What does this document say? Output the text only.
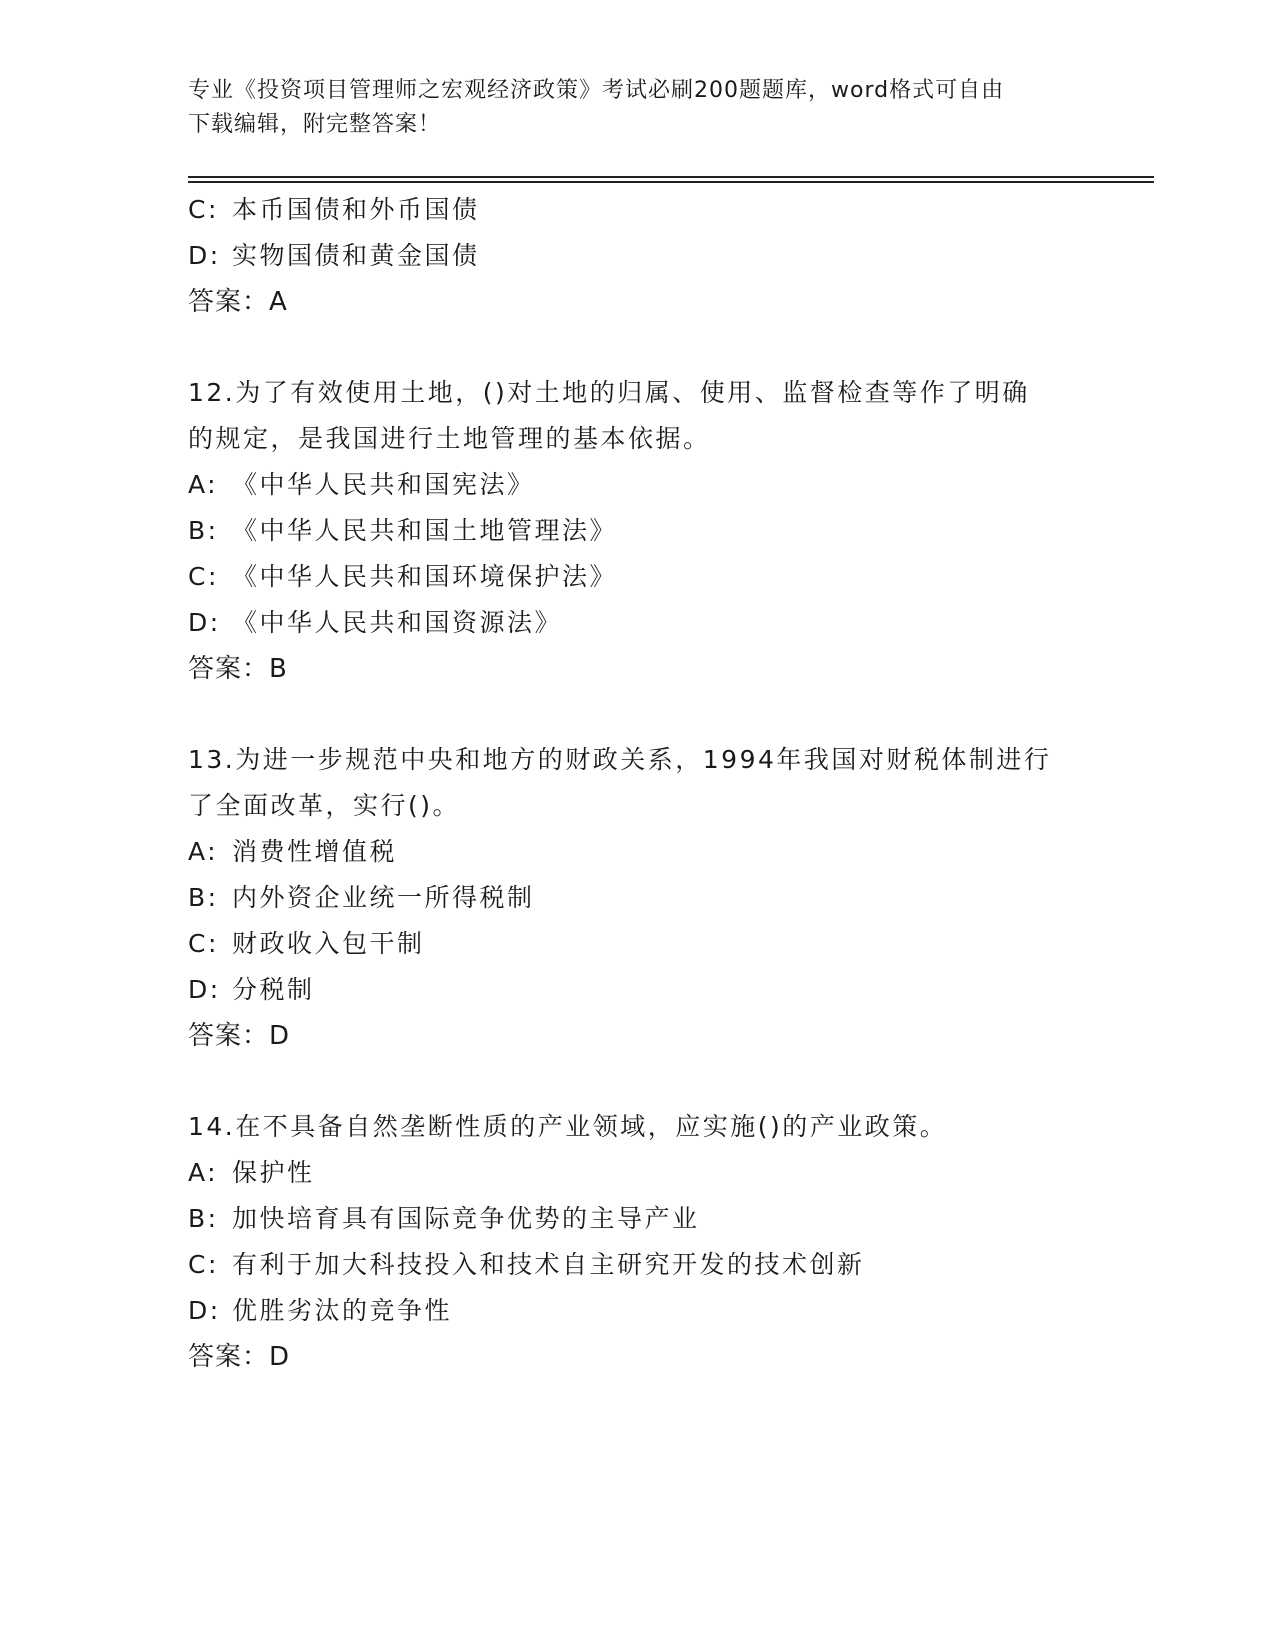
专业《投资项目管理师之宏观经济政策》考试必刷200题题库，word格式可自由
下载编辑，附完整答案！
C: 本币国债和外币国债
D: 实物国债和黄金国债
答案：A
12.为了有效使用土地，()对土地的归属、使用、监督检查等作了明确
的规定，是我国进行土地管理的基本依据。
A: 《中华人民共和国宪法》
B: 《中华人民共和国土地管理法》
C: 《中华人民共和国环境保护法》
D: 《中华人民共和国资源法》
答案：B
13.为进一步规范中央和地方的财政关系，1994年我国对财税体制进行
了全面改革，实行()。
A: 消费性增值税
B: 内外资企业统一所得税制
C: 财政收入包干制
D: 分税制
答案：D
14.在不具备自然垄断性质的产业领域，应实施()的产业政策。
A: 保护性
B: 加快培育具有国际竞争优势的主导产业
C: 有利于加大科技投入和技术自主研究开发的技术创新
D: 优胜劣汰的竞争性
答案：D
